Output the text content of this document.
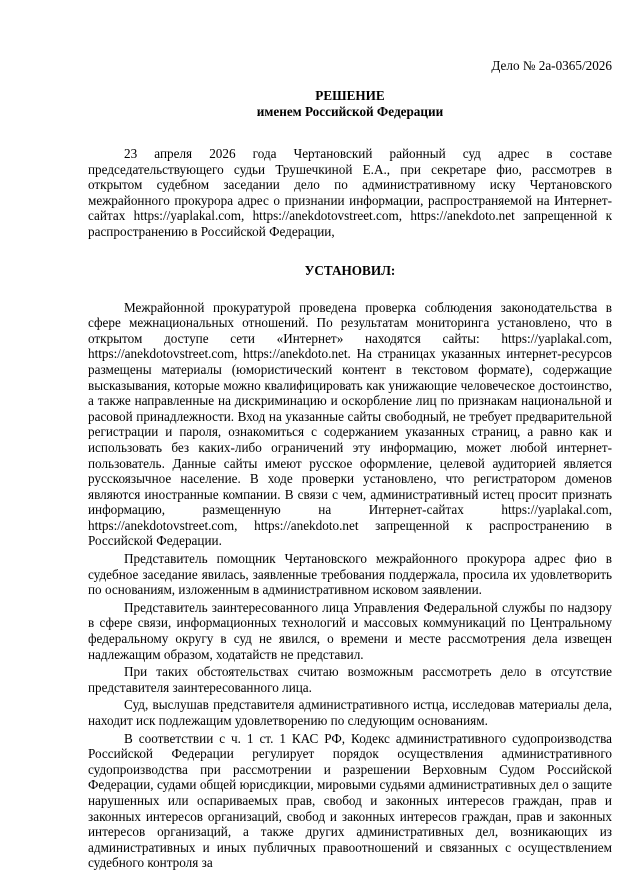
Дело № 2а-0365/2026

РЕШЕНИЕ

именем Российской Федерации

23 апреля 2026 года Чертановский районный суд адрес в составе председательствующего судьи Трушечкиной Е.А., при секретаре фио, рассмотрев в открытом судебном заседании дело по административному иску Чертановского межрайонного прокурора адрес о признании информации, распространяемой на Интернет-сайтах https://yaplakal.com, https://anekdotovstreet.com, https://anekdoto.net запрещенной к распространению в Российской Федерации,

УСТАНОВИЛ:

Межрайонной прокуратурой проведена проверка соблюдения законодательства в сфере межнациональных отношений. По результатам мониторинга установлено, что в открытом доступе сети «Интернет» находятся сайты: https://yaplakal.com, https://anekdotovstreet.com, https://anekdoto.net. На страницах указанных интернет-ресурсов размещены материалы (юмористический контент в текстовом формате), содержащие высказывания, которые можно квалифицировать как унижающие человеческое достоинство, а также направленные на дискриминацию и оскорбление лиц по признакам национальной и расовой принадлежности. Вход на указанные сайты свободный, не требует предварительной регистрации и пароля, ознакомиться с содержанием указанных страниц, а равно как и использовать без каких-либо ограничений эту информацию, может любой интернет-пользователь. Данные сайты имеют русское оформление, целевой аудиторией является русскоязычное население. В ходе проверки установлено, что регистратором доменов являются иностранные компании. В связи с чем, административный истец просит признать информацию, размещенную на Интернет-сайтах https://yaplakal.com, https://anekdotovstreet.com, https://anekdoto.net запрещенной к распространению в Российской Федерации.

Представитель помощник Чертановского межрайонного прокурора адрес фио в судебное заседание явилась, заявленные требования поддержала, просила их удовлетворить по основаниям, изложенным в административном исковом заявлении.

Представитель заинтересованного лица Управления Федеральной службы по надзору в сфере связи, информационных технологий и массовых коммуникаций по Центральному федеральному округу в суд не явился, о времени и месте рассмотрения дела извещен надлежащим образом, ходатайств не представил.

При таких обстоятельствах считаю возможным рассмотреть дело в отсутствие представителя заинтересованного лица.

Суд, выслушав представителя административного истца, исследовав материалы дела, находит иск подлежащим удовлетворению по следующим основаниям.

В соответствии с ч. 1 ст. 1 КАС РФ, Кодекс административного судопроизводства Российской Федерации регулирует порядок осуществления административного судопроизводства при рассмотрении и разрешении Верховным Судом Российской Федерации, судами общей юрисдикции, мировыми судьями административных дел о защите нарушенных или оспариваемых прав, свобод и законных интересов граждан, прав и законных интересов организаций, свобод и законных интересов граждан, прав и законных интересов организаций, а также других административных дел, возникающих из административных и иных публичных правоотношений и связанных с осуществлением судебного контроля за
